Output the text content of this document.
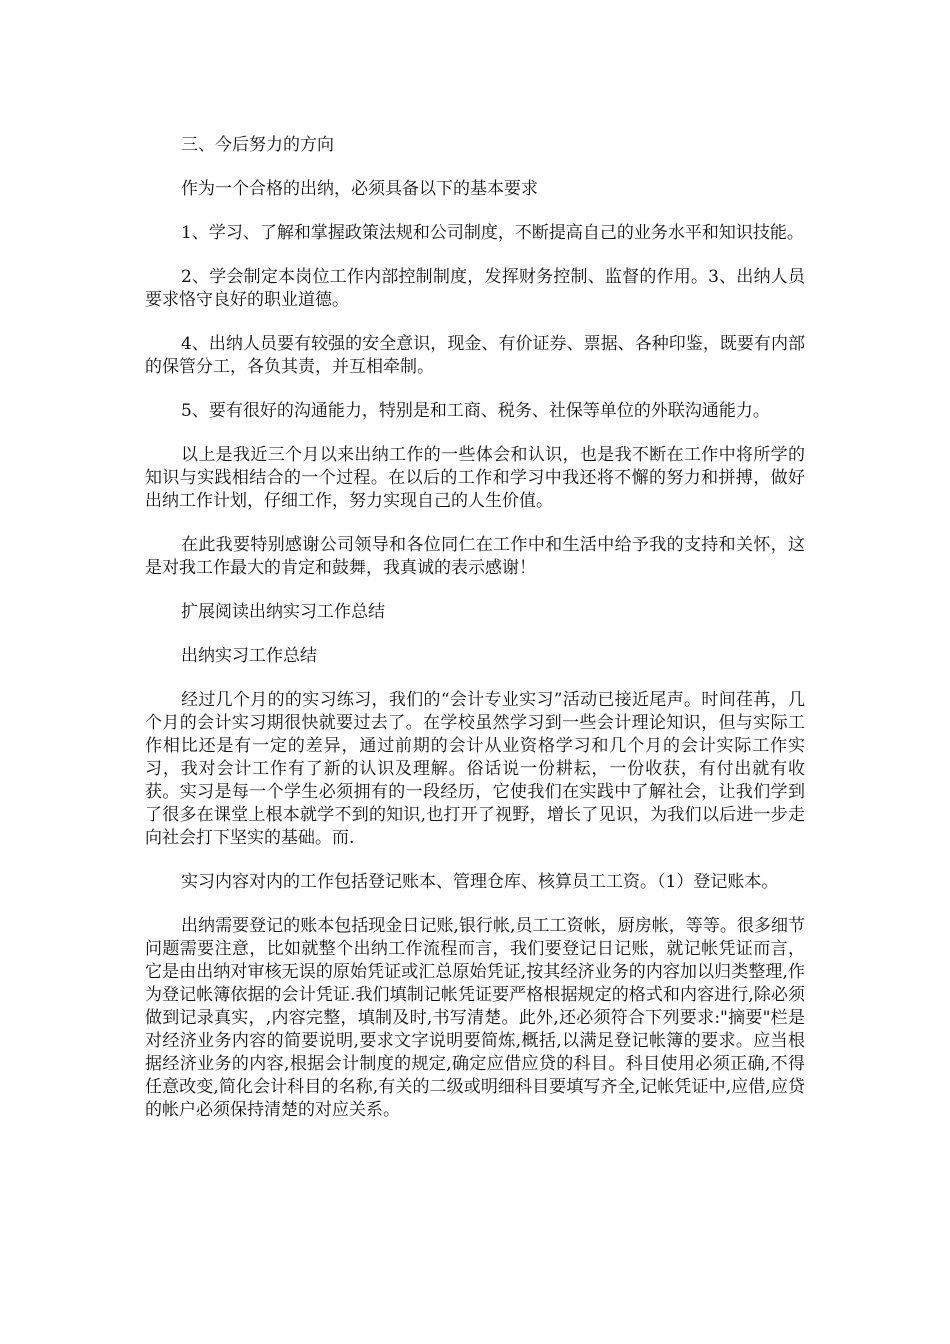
三、今后努力的方向

作为一个合格的出纳，必须具备以下的基本要求

1、学习、了解和掌握政策法规和公司制度，不断提高自己的业务水平和知识技能。

2、学会制定本岗位工作内部控制制度，发挥财务控制、监督的作用。3、出纳人员要求恪守良好的职业道德。

4、出纳人员要有较强的安全意识，现金、有价证券、票据、各种印鉴，既要有内部的保管分工，各负其责，并互相牵制。

5、要有很好的沟通能力，特别是和工商、税务、社保等单位的外联沟通能力。

以上是我近三个月以来出纳工作的一些体会和认识，也是我不断在工作中将所学的知识与实践相结合的一个过程。在以后的工作和学习中我还将不懈的努力和拼搏，做好出纳工作计划，仔细工作，努力实现自己的人生价值。

在此我要特别感谢公司领导和各位同仁在工作中和生活中给予我的支持和关怀，这是对我工作最大的肯定和鼓舞，我真诚的表示感谢！

扩展阅读出纳实习工作总结

出纳实习工作总结

经过几个月的的实习练习，我们的“会计专业实习”活动已接近尾声。时间荏苒，几个月的会计实习期很快就要过去了。在学校虽然学习到一些会计理论知识，但与实际工作相比还是有一定的差异，通过前期的会计从业资格学习和几个月的会计实际工作实习，我对会计工作有了新的认识及理解。俗话说一份耕耘，一份收获，有付出就有收获。实习是每一个学生必须拥有的一段经历，它使我们在实践中了解社会，让我们学到了很多在课堂上根本就学不到的知识,也打开了视野，增长了见识，为我们以后进一步走向社会打下坚实的基础。而.

实习内容对内的工作包括登记账本、管理仓库、核算员工工资。（1）登记账本。

出纳需要登记的账本包括现金日记账,银行帐,员工工资帐，厨房帐，等等。很多细节问题需要注意，比如就整个出纳工作流程而言，我们要登记日记账，就记帐凭证而言，它是由出纳对审核无误的原始凭证或汇总原始凭证,按其经济业务的内容加以归类整理,作为登记帐簿依据的会计凭证.我们填制记帐凭证要严格根据规定的格式和内容进行,除必须做到记录真实，,内容完整，填制及时,书写清楚。此外,还必须符合下列要求:"摘要"栏是对经济业务内容的简要说明,要求文字说明要简炼,概括,以满足登记帐簿的要求。应当根据经济业务的内容,根据会计制度的规定,确定应借应贷的科目。科目使用必须正确,不得任意改变,简化会计科目的名称,有关的二级或明细科目要填写齐全,记帐凭证中,应借,应贷的帐户必须保持清楚的对应关系。
